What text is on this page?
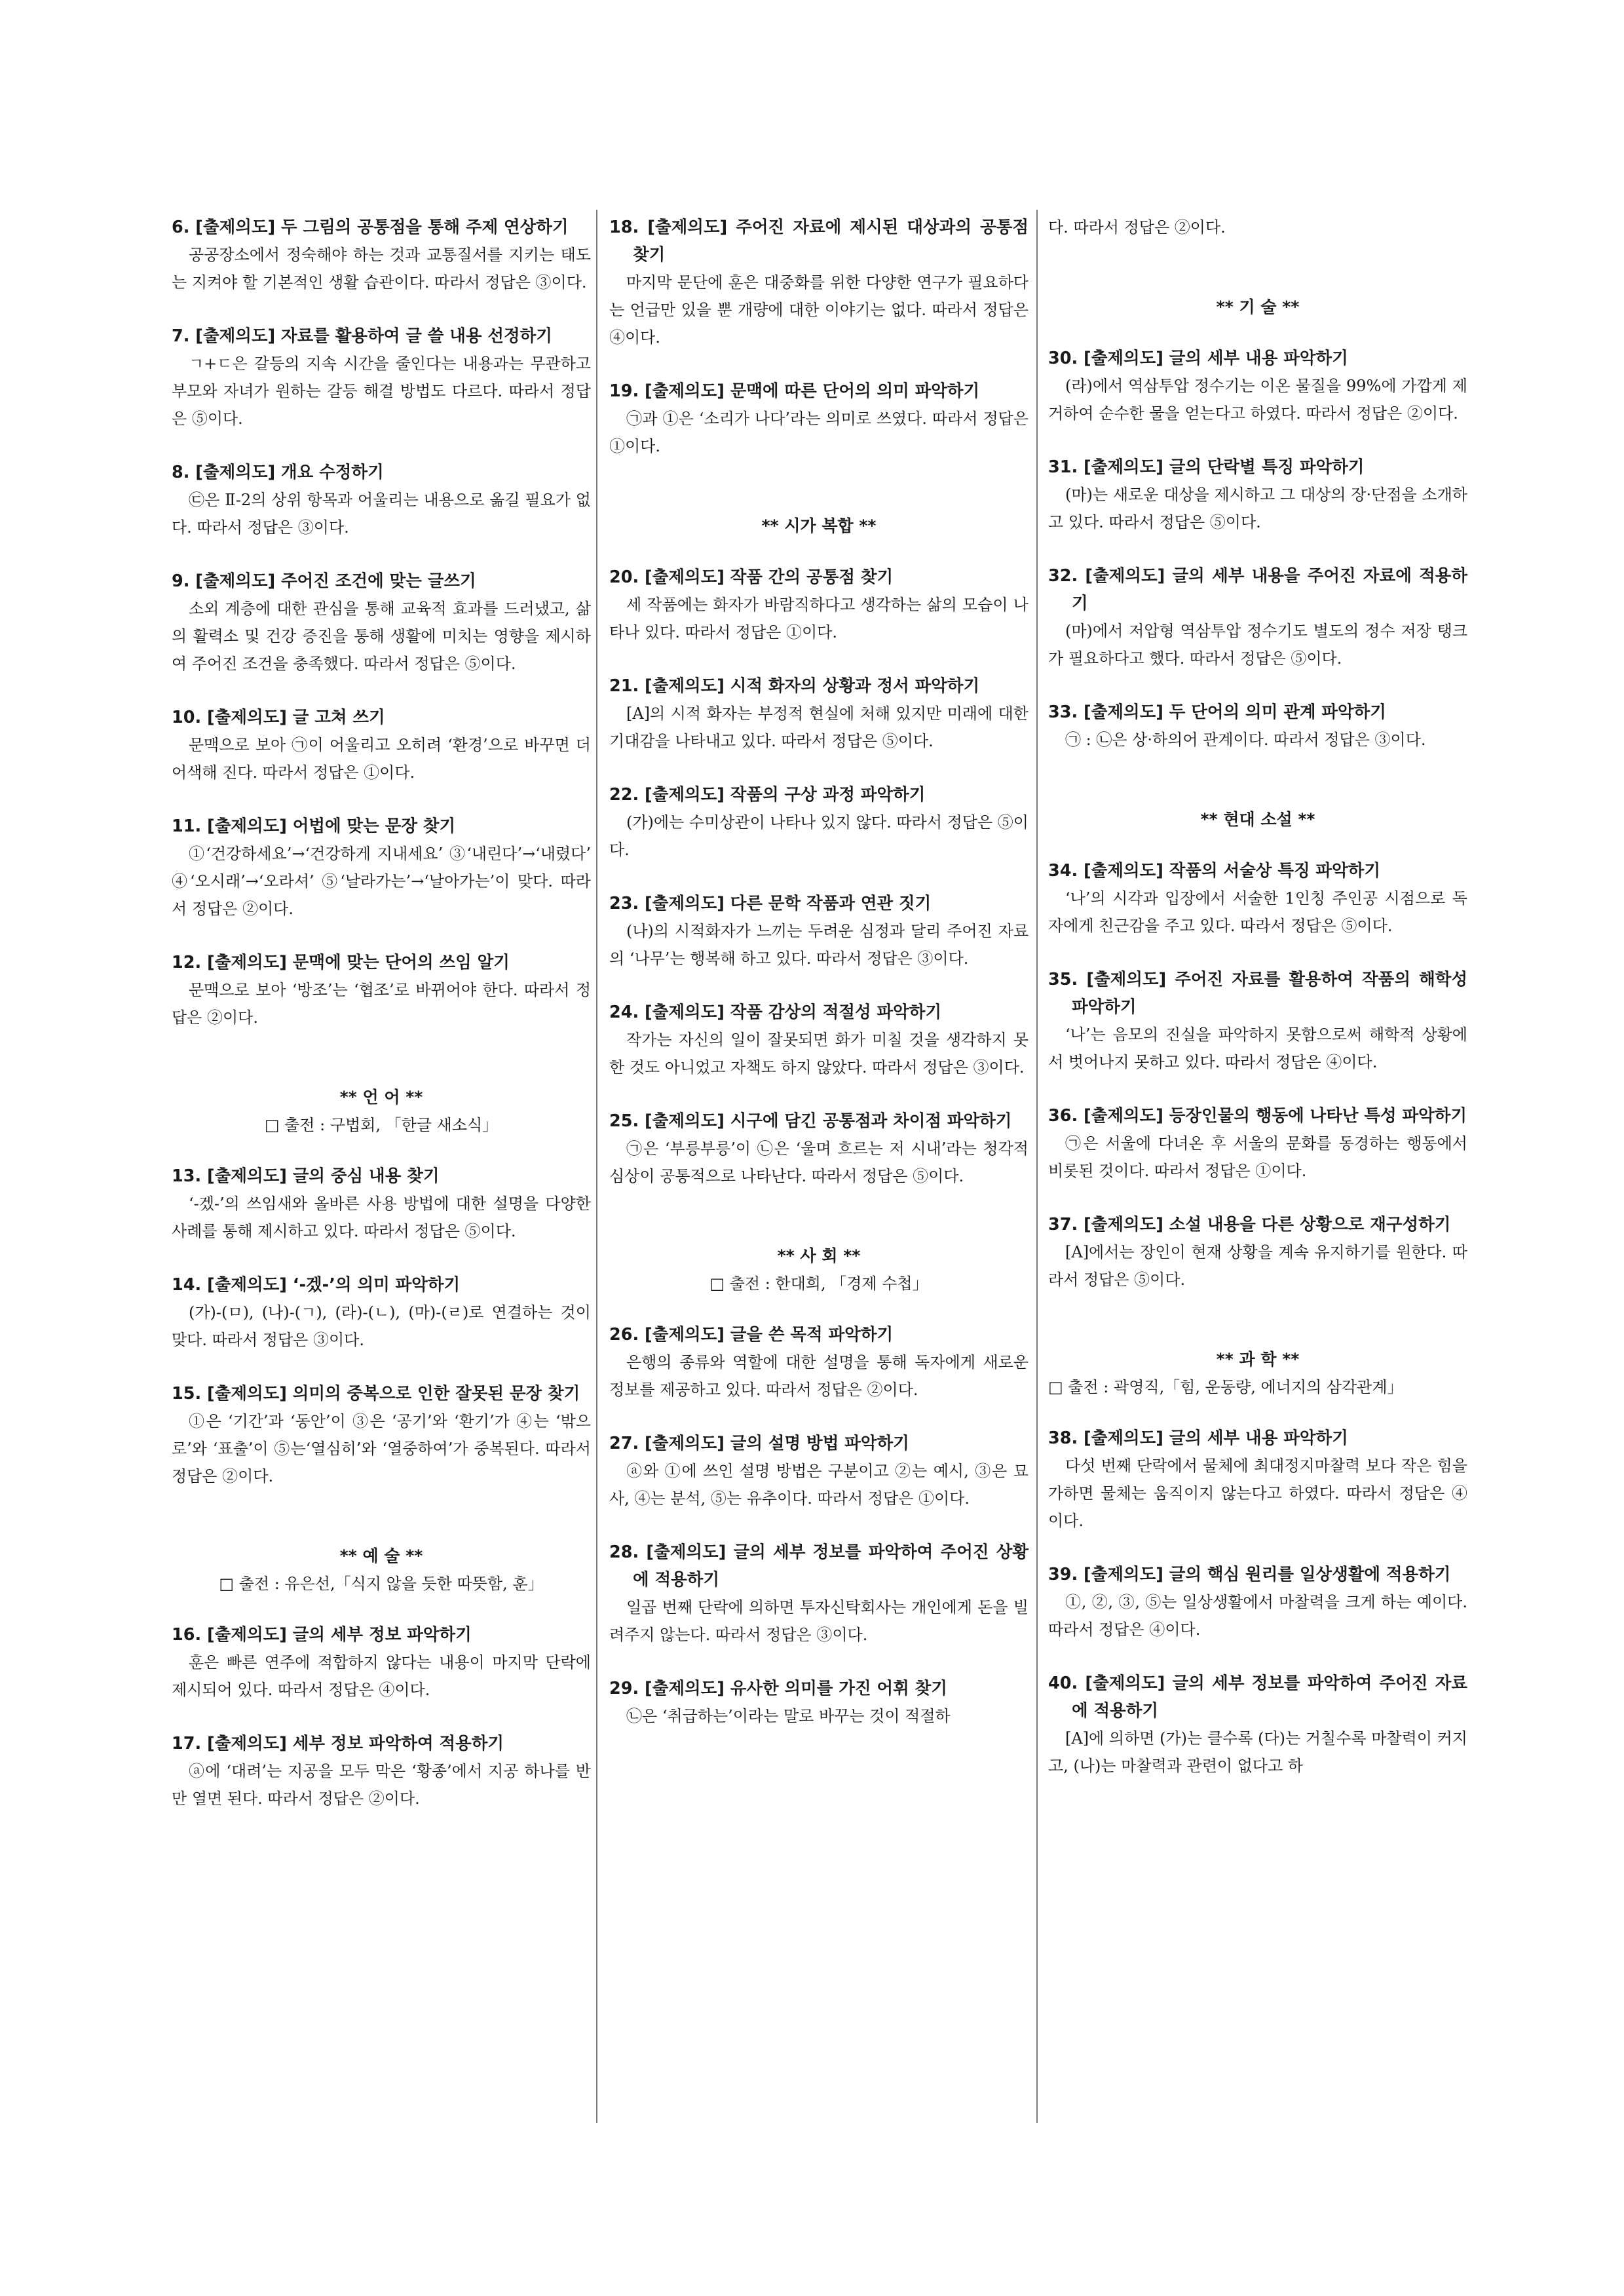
6. [출제의도] 두 그림의 공통점을 통해 주제 연상하기
공공장소에서 정숙해야 하는 것과 교통질서를 지키는 태도는 지켜야 할 기본적인 생활 습관이다. 따라서 정답은 ③이다.
7. [출제의도] 자료를 활용하여 글 쓸 내용 선정하기
ㄱ+ㄷ은 갈등의 지속 시간을 줄인다는 내용과는 무관하고 부모와 자녀가 원하는 갈등 해결 방법도 다르다. 따라서 정답은 ⑤이다.
8. [출제의도] 개요 수정하기
㉢은 Ⅱ-2의 상위 항목과 어울리는 내용으로 옮길 필요가 없다. 따라서 정답은 ③이다.
9. [출제의도] 주어진 조건에 맞는 글쓰기
소외 계층에 대한 관심을 통해 교육적 효과를 드러냈고, 삶의 활력소 및 건강 증진을 통해 생활에 미치는 영향을 제시하여 주어진 조건을 충족했다. 따라서 정답은 ⑤이다.
10. [출제의도] 글 고쳐 쓰기
문맥으로 보아 ㉠이 어울리고 오히려 ‘환경’으로 바꾸면 더 어색해 진다. 따라서 정답은 ①이다.
11. [출제의도] 어법에 맞는 문장 찾기
①‘건강하세요’→‘건강하게 지내세요’ ③‘내린다’→‘내렸다’ ④‘오시래’→‘오라셔’ ⑤‘날라가는’→‘날아가는’이 맞다. 따라서 정답은 ②이다.
12. [출제의도] 문맥에 맞는 단어의 쓰임 알기
문맥으로 보아 ‘방조’는 ‘협조’로 바뀌어야 한다. 따라서 정답은 ②이다.
** 언 어 **
□ 출전 : 구법회, 「한글 새소식」
13. [출제의도] 글의 중심 내용 찾기
‘-겠-’의 쓰임새와 올바른 사용 방법에 대한 설명을 다양한 사례를 통해 제시하고 있다. 따라서 정답은 ⑤이다.
14. [출제의도] ‘-겠-’의 의미 파악하기
(가)-(ㅁ), (나)-(ㄱ), (라)-(ㄴ), (마)-(ㄹ)로 연결하는 것이 맞다. 따라서 정답은 ③이다.
15. [출제의도] 의미의 중복으로 인한 잘못된 문장 찾기
①은 ‘기간’과 ‘동안’이 ③은 ‘공기’와 ‘환기’가 ④는 ‘밖으로’와 ‘표출’이 ⑤는‘열심히’와 ‘열중하여’가 중복된다. 따라서 정답은 ②이다.
** 예 술 **
□ 출전 : 유은선,「식지 않을 듯한 따뜻함, 훈」
16. [출제의도] 글의 세부 정보 파악하기
훈은 빠른 연주에 적합하지 않다는 내용이 마지막 단락에 제시되어 있다. 따라서 정답은 ④이다.
17. [출제의도] 세부 정보 파악하여 적용하기
ⓐ에 ‘대려’는 지공을 모두 막은 ‘황종’에서 지공 하나를 반만 열면 된다. 따라서 정답은 ②이다.
18. [출제의도] 주어진 자료에 제시된 대상과의 공통점 찾기
마지막 문단에 훈은 대중화를 위한 다양한 연구가 필요하다는 언급만 있을 뿐 개량에 대한 이야기는 없다. 따라서 정답은 ④이다.
19. [출제의도] 문맥에 따른 단어의 의미 파악하기
㉠과 ①은 ‘소리가 나다’라는 의미로 쓰였다. 따라서 정답은 ①이다.
** 시가 복합 **
20. [출제의도] 작품 간의 공통점 찾기
세 작품에는 화자가 바람직하다고 생각하는 삶의 모습이 나타나 있다. 따라서 정답은 ①이다.
21. [출제의도] 시적 화자의 상황과 정서 파악하기
[A]의 시적 화자는 부정적 현실에 처해 있지만 미래에 대한 기대감을 나타내고 있다. 따라서 정답은 ⑤이다.
22. [출제의도] 작품의 구상 과정 파악하기
(가)에는 수미상관이 나타나 있지 않다. 따라서 정답은 ⑤이다.
23. [출제의도] 다른 문학 작품과 연관 짓기
(나)의 시적화자가 느끼는 두려운 심정과 달리 주어진 자료의 ‘나무’는 행복해 하고 있다. 따라서 정답은 ③이다.
24. [출제의도] 작품 감상의 적절성 파악하기
작가는 자신의 일이 잘못되면 화가 미칠 것을 생각하지 못한 것도 아니었고 자책도 하지 않았다. 따라서 정답은 ③이다.
25. [출제의도] 시구에 담긴 공통점과 차이점 파악하기
㉠은 ‘부릉부릉’이 ㉡은 ‘울며 흐르는 저 시내’라는 청각적 심상이 공통적으로 나타난다. 따라서 정답은 ⑤이다.
** 사 회 **
□ 출전 : 한대희, 「경제 수첩」
26. [출제의도] 글을 쓴 목적 파악하기
은행의 종류와 역할에 대한 설명을 통해 독자에게 새로운 정보를 제공하고 있다. 따라서 정답은 ②이다.
27. [출제의도] 글의 설명 방법 파악하기
ⓐ와 ①에 쓰인 설명 방법은 구분이고 ②는 예시, ③은 묘사, ④는 분석, ⑤는 유추이다. 따라서 정답은 ①이다.
28. [출제의도] 글의 세부 정보를 파악하여 주어진 상황에 적용하기
일곱 번째 단락에 의하면 투자신탁회사는 개인에게 돈을 빌려주지 않는다. 따라서 정답은 ③이다.
29. [출제의도] 유사한 의미를 가진 어휘 찾기
㉡은 ‘취급하는’이라는 말로 바꾸는 것이 적절하
다. 따라서 정답은 ②이다.
** 기 술 **
30. [출제의도] 글의 세부 내용 파악하기
(라)에서 역삼투압 정수기는 이온 물질을 99%에 가깝게 제거하여 순수한 물을 얻는다고 하였다. 따라서 정답은 ②이다.
31. [출제의도] 글의 단락별 특징 파악하기
(마)는 새로운 대상을 제시하고 그 대상의 장·단점을 소개하고 있다. 따라서 정답은 ⑤이다.
32. [출제의도] 글의 세부 내용을 주어진 자료에 적용하기
(마)에서 저압형 역삼투압 정수기도 별도의 정수 저장 탱크가 필요하다고 했다. 따라서 정답은 ⑤이다.
33. [출제의도] 두 단어의 의미 관계 파악하기
㉠ : ㉡은 상·하의어 관계이다. 따라서 정답은 ③이다.
** 현대 소설 **
34. [출제의도] 작품의 서술상 특징 파악하기
‘나’의 시각과 입장에서 서술한 1인칭 주인공 시점으로 독자에게 친근감을 주고 있다. 따라서 정답은 ⑤이다.
35. [출제의도] 주어진 자료를 활용하여 작품의 해학성 파악하기
‘나’는 음모의 진실을 파악하지 못함으로써 해학적 상황에서 벗어나지 못하고 있다. 따라서 정답은 ④이다.
36. [출제의도] 등장인물의 행동에 나타난 특성 파악하기
㉠은 서울에 다녀온 후 서울의 문화를 동경하는 행동에서 비롯된 것이다. 따라서 정답은 ①이다.
37. [출제의도] 소설 내용을 다른 상황으로 재구성하기
[A]에서는 장인이 현재 상황을 계속 유지하기를 원한다. 따라서 정답은 ⑤이다.
** 과 학 **
□ 출전 : 곽영직,「힘, 운동량, 에너지의 삼각관계」
38. [출제의도] 글의 세부 내용 파악하기
다섯 번째 단락에서 물체에 최대정지마찰력 보다 작은 힘을 가하면 물체는 움직이지 않는다고 하였다. 따라서 정답은 ④이다.
39. [출제의도] 글의 핵심 원리를 일상생활에 적용하기
①, ②, ③, ⑤는 일상생활에서 마찰력을 크게 하는 예이다. 따라서 정답은 ④이다.
40. [출제의도] 글의 세부 정보를 파악하여 주어진 자료에 적용하기
[A]에 의하면 (가)는 클수록 (다)는 거칠수록 마찰력이 커지고, (나)는 마찰력과 관련이 없다고 하
